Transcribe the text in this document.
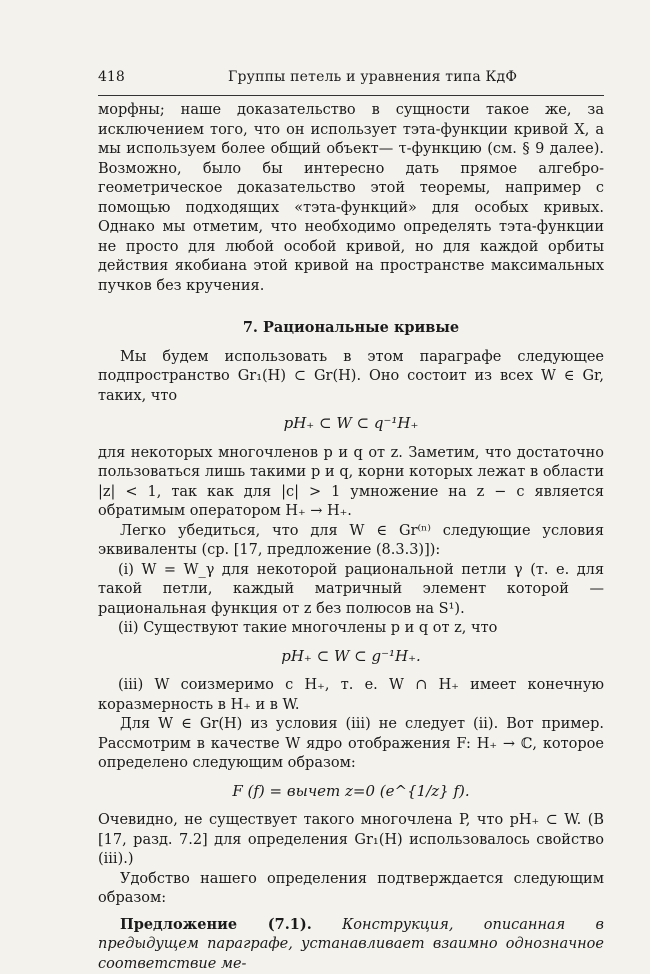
418	Группы петель и уравнения типа КдФ

морфны; наше доказательство в сущности такое же, за исключением того, что он использует тэта-функции кривой X, а мы используем более общий объект— τ-функцию (см. § 9 далее). Возможно, было бы интересно дать прямое алгебро-геометрическое доказательство этой теоремы, например с помощью подходящих «тэта-функций» для особых кривых. Однако мы отметим, что необходимо определять тэта-функции не просто для любой особой кривой, но для каждой орбиты действия якобиана этой кривой на пространстве максимальных пучков без кручения.

7. Рациональные кривые

Мы будем использовать в этом параграфе следующее подпространство Gr₁(H) ⊂ Gr(H). Оно состоит из всех W ∈ Gr, таких, что

pH₊ ⊂ W ⊂ q⁻¹H₊

для некоторых многочленов p и q от z. Заметим, что достаточно пользоваться лишь такими p и q, корни которых лежат в области |z| < 1, так как для |c| > 1 умножение на z − c является обратимым оператором H₊ → H₊.

Легко убедиться, что для W ∈ Gr⁽ⁿ⁾ следующие условия эквиваленты (ср. [17, предложение (8.3.3)]):

(i) W = W_γ для некоторой рациональной петли γ (т. е. для такой петли, каждый матричный элемент которой — рациональная функция от z без полюсов на S¹).

(ii) Существуют такие многочлены p и q от z, что

pH₊ ⊂ W ⊂ g⁻¹H₊.

(iii) W соизмеримо с H₊, т. е. W ∩ H₊ имеет конечную коразмерность в H₊ и в W.

Для W ∈ Gr(H) из условия (iii) не следует (ii). Вот пример. Рассмотрим в качестве W ядро отображения F: H₊ → ℂ, которое определено следующим образом:

F (f) = вычет z=0 (e^{1/z} f).

Очевидно, не существует такого многочлена P, что pH₊ ⊂ W. (В [17, разд. 7.2] для определения Gr₁(H) использовалось свойство (iii).)

Удобство нашего определения подтверждается следующим образом:

Предложение (7.1). Конструкция, описанная в предыдущем параграфе, устанавливает взаимно однозначное соответствие ме-
